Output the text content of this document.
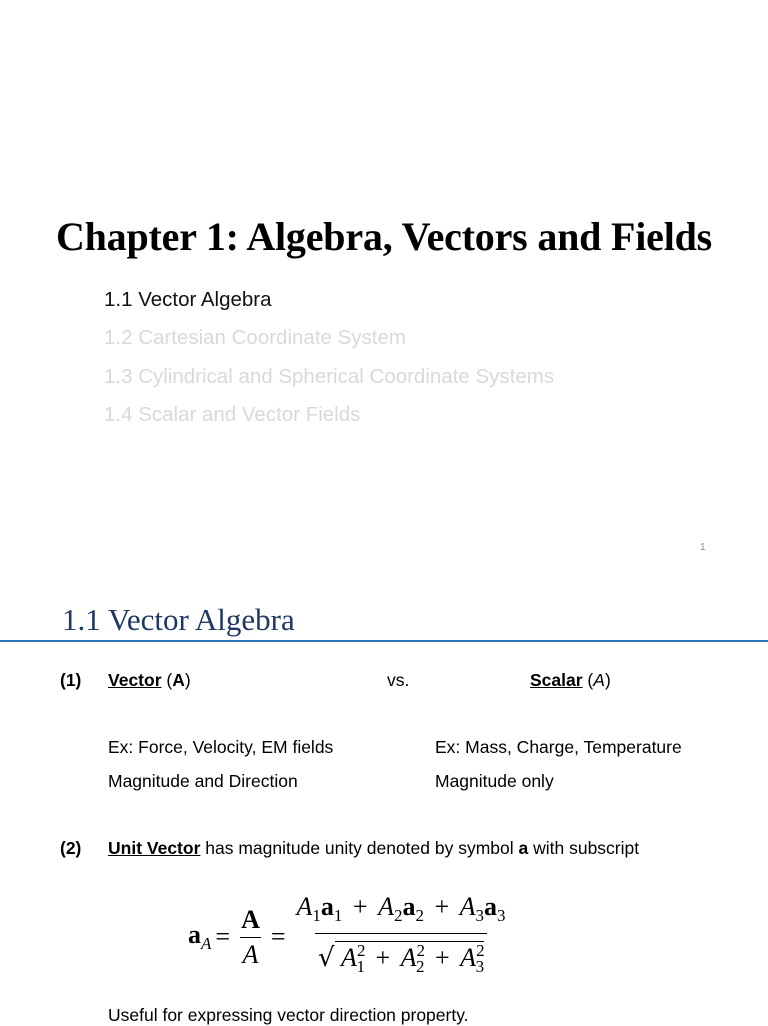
Chapter 1: Algebra, Vectors and Fields
1.1 Vector Algebra
1.2 Cartesian Coordinate System
1.3 Cylindrical and Spherical Coordinate Systems
1.4 Scalar and Vector Fields
1
1.1 Vector Algebra
(1) Vector (A)	vs.	Scalar (A)
Ex: Force, Velocity, EM fields
Magnitude and Direction
Ex: Mass, Charge, Temperature
Magnitude only
(2) Unit Vector has magnitude unity denoted by symbol a with subscript
$a_A = \frac{A}{A}$ =
$A_1a_1 + A_2a_2 + A_3a_3$
√ $A^2_1 + A^2_2 + A^2_3$
Useful for expressing vector direction property.
